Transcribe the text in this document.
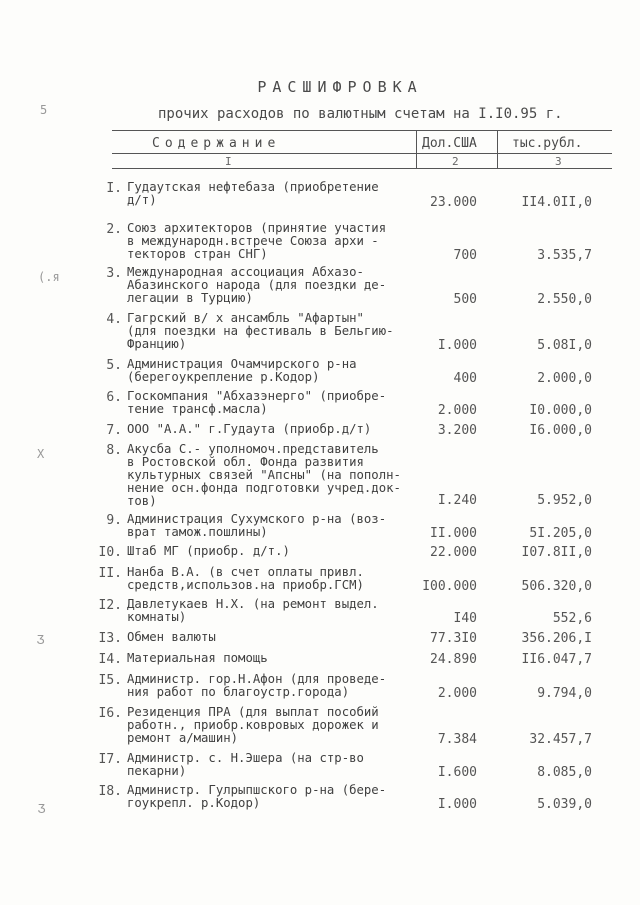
РАСШИФРОВКА
прочих расходов по валютным счетам на I.I0.95 г.
Содержание	Дол.США	тыс.рубл.
I	2	3
5
(.я
Х
Ӡ
Ӡ
I. Гудаутская нефтебаза (приобретение
д/т)	23.000	II4.0II,0
2. Союз архитекторов (принятие участия
в международн.встрече Союза архи -
текторов стран СНГ)	700	3.535,7
3. Международная ассоциация Абхазо-
Абазинского народа (для поездки де-
легации в Турцию)	500	2.550,0
4. Гагрский в/ х ансамбль "Афартын"
(для поездки на фестиваль в Бельгию-
Францию)	I.000	5.08I,0
5. Администрация Очамчирского р-на
(берегоукрепление р.Кодор)	400	2.000,0
6. Госкомпания "Абхазэнерго" (приобре-
тение трансф.масла)	2.000	I0.000,0
7. ООО "А.А." г.Гудаута (приобр.д/т)	3.200	I6.000,0
8. Акусба С.- уполномоч.представитель
в Ростовской обл. Фонда развития
культурных связей "Апсны" (на пополн-
нение осн.фонда подготовки учред.док-
тов)	I.240	5.952,0
9. Администрация Сухумского р-на (воз-
врат тамож.пошлины)	II.000	5I.205,0
I0. Штаб МГ (приобр. д/т.)	22.000	I07.8II,0
II. Нанба В.А. (в счет оплаты привл.
средств,использов.на приобр.ГСМ)	I00.000	506.320,0
I2. Давлетукаев Н.Х. (на ремонт выдел.
комнаты)	I40	552,6
I3. Обмен валюты	77.3I0	356.206,I
I4. Материальная помощь	24.890	II6.047,7
I5. Администр. гор.Н.Афон (для проведе-
ния работ по благоустр.города)	2.000	9.794,0
I6. Резиденция ПРА (для выплат пособий
работн., приобр.ковровых дорожек и
ремонт а/машин)	7.384	32.457,7
I7. Администр. с. Н.Эшера (на стр-во
пекарни)	I.600	8.085,0
I8. Администр. Гулрыпшского р-на (бере-
гоукрепл. р.Кодор)	I.000	5.039,0
